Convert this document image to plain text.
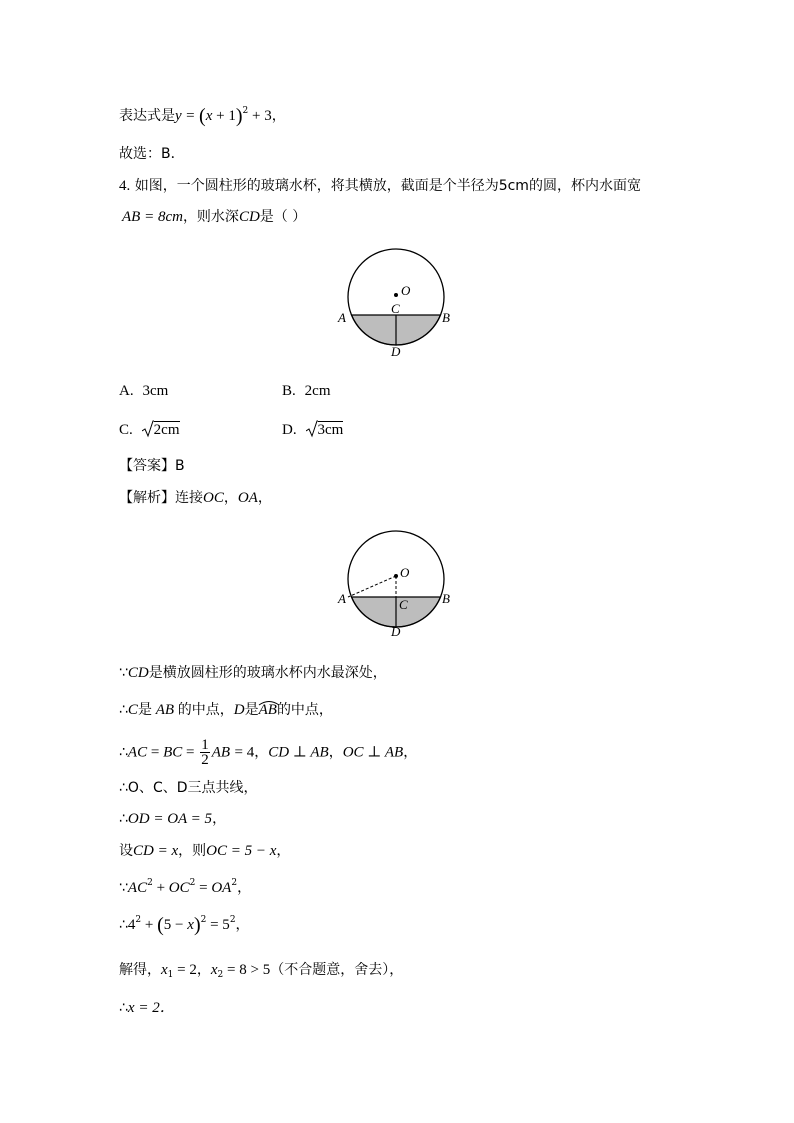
表达式是$y = (x + 1)^2 + 3$，
故选：B．
4. 如图，一个圆柱形的玻璃水杯，将其横放，截面是个半径为5cm的圆，杯内水面宽
AB = 8cm，则水深CD是（ ）
O
C
A	B
D
A. 3cm	B. 2cm
C. 2cm	D. 3cm
【答案】B
【解析】连接OC，OA，
O
C
A	B
D
∵CD是横放圆柱形的玻璃水杯内水最深处，
∴C是 AB 的中点，D是
AB的中点，
∴AC = BC = $\frac{1}{2}$ AB = 4，CD ⊥ AB，OC ⊥ AB，
∴O、C、D三点共线，
∴OD = OA = 5，
设CD = x，则OC = 5 − x，
$\because AC^2 + OC^2 = OA^2$，
$\therefore 4^2 + (5 - x)^2 = 5^2$，
解得，$x_1 = 2$，$x_2 = 8 > 5$（不合题意，舍去），
∴x = 2．
